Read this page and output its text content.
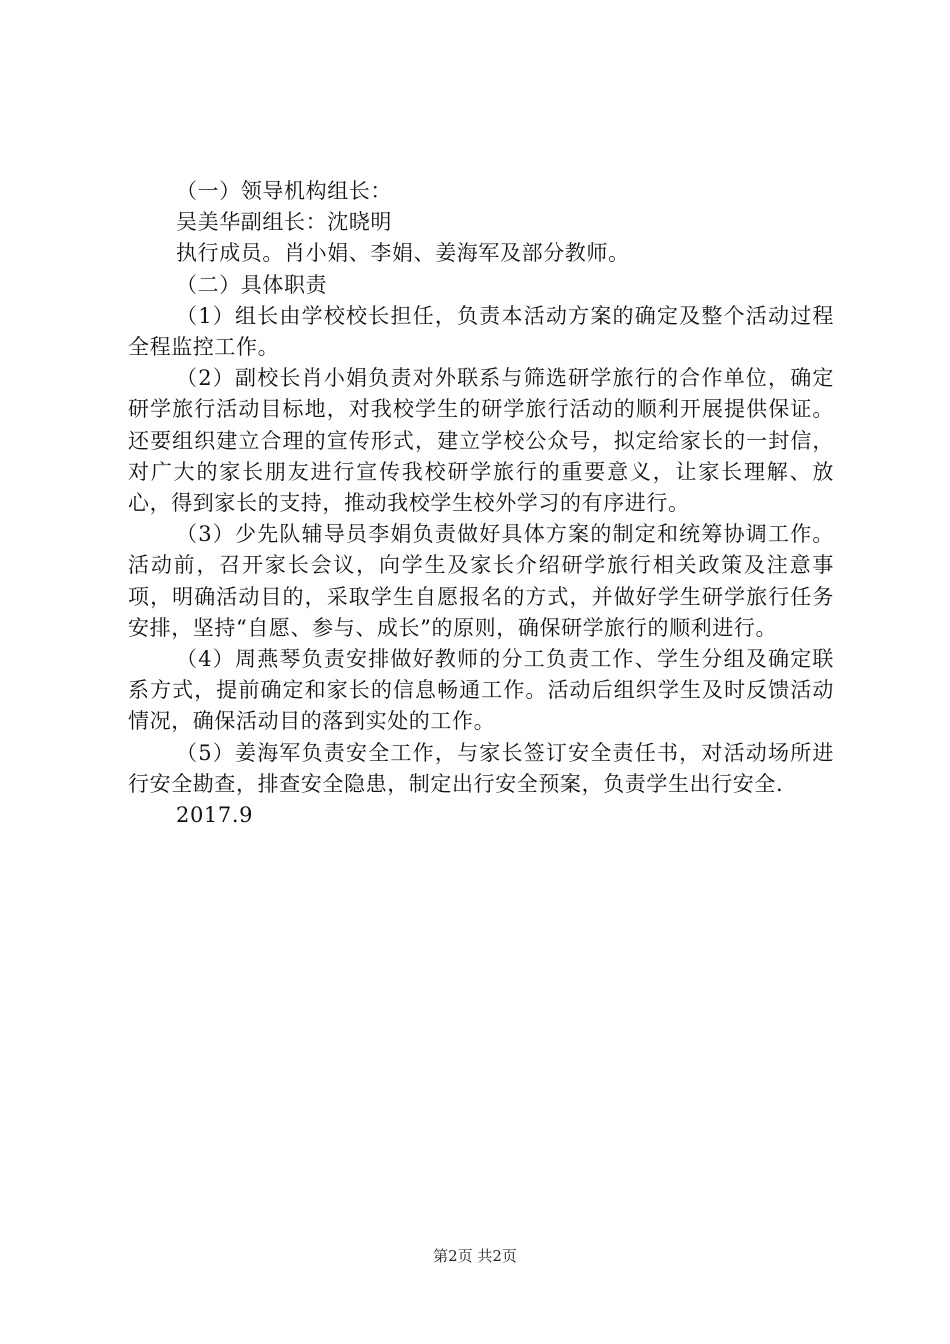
（一）领导机构组长：

吴美华副组长：沈晓明

执行成员。肖小娟、李娟、姜海军及部分教师。

（二）具体职责

（1）组长由学校校长担任，负责本活动方案的确定及整个活动过程全程监控工作。

（2）副校长肖小娟负责对外联系与筛选研学旅行的合作单位，确定研学旅行活动目标地，对我校学生的研学旅行活动的顺利开展提供保证。还要组织建立合理的宣传形式，建立学校公众号，拟定给家长的一封信，对广大的家长朋友进行宣传我校研学旅行的重要意义，让家长理解、放心，得到家长的支持，推动我校学生校外学习的有序进行。

（3）少先队辅导员李娟负责做好具体方案的制定和统筹协调工作。活动前，召开家长会议，向学生及家长介绍研学旅行相关政策及注意事项，明确活动目的，采取学生自愿报名的方式，并做好学生研学旅行任务安排，坚持“自愿、参与、成长”的原则，确保研学旅行的顺利进行。

（4）周燕琴负责安排做好教师的分工负责工作、学生分组及确定联系方式，提前确定和家长的信息畅通工作。活动后组织学生及时反馈活动情况，确保活动目的落到实处的工作。

（5）姜海军负责安全工作，与家长签订安全责任书，对活动场所进行安全勘查，排查安全隐患，制定出行安全预案，负责学生出行安全.

2017.9

第2页 共2页
